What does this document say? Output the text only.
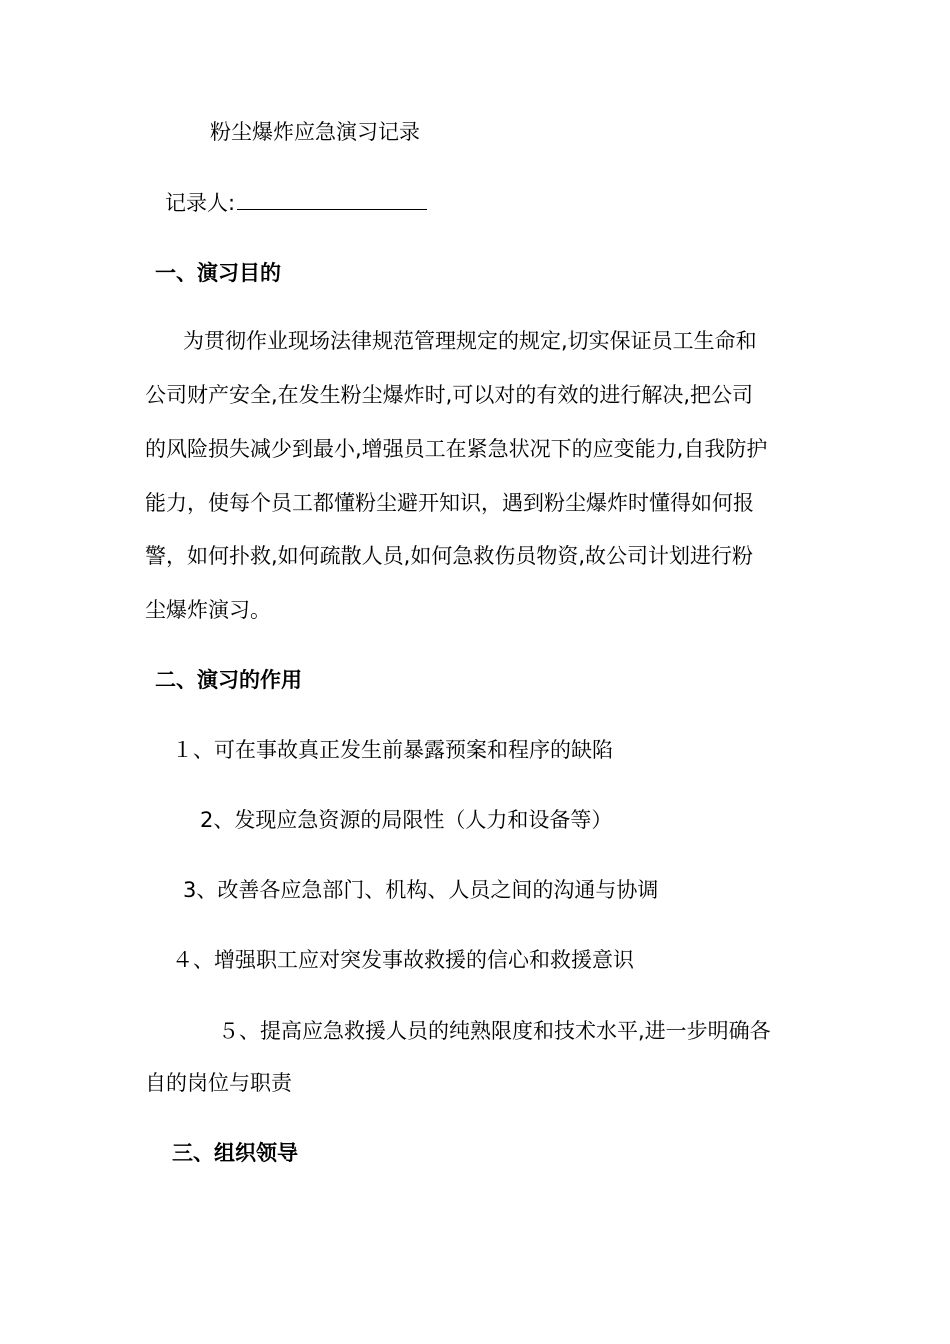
粉尘爆炸应急演习记录
记录人:
一、演习目的
为贯彻作业现场法律规范管理规定的规定,切实保证员工生命和
公司财产安全,在发生粉尘爆炸时,可以对的有效的进行解决,把公司
的风险损失减少到最小,增强员工在紧急状况下的应变能力,自我防护
能力，使每个员工都懂粉尘避开知识，遇到粉尘爆炸时懂得如何报
警，如何扑救,如何疏散人员,如何急救伤员物资,故公司计划进行粉
尘爆炸演习。
二、演习的作用
１、可在事故真正发生前暴露预案和程序的缺陷
2、发现应急资源的局限性（人力和设备等）
3、改善各应急部门、机构、人员之间的沟通与协调
４、增强职工应对突发事故救援的信心和救援意识
５、提高应急救援人员的纯熟限度和技术水平,进一步明确各
自的岗位与职责
三、组织领导
